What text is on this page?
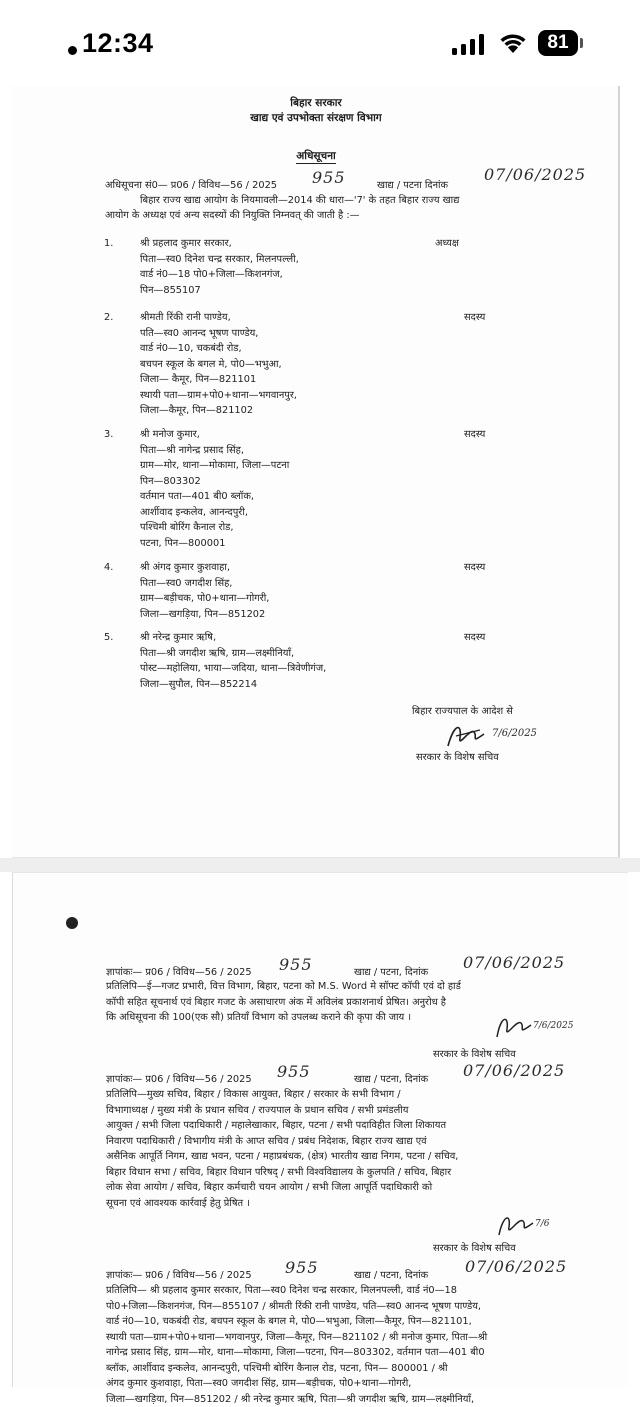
12:34	81
बिहार सरकार
खाद्य एवं उपभोक्ता संरक्षण विभाग
अधिसूचना
अधिसूचना सं0— प्र06 / विविध—56 / 2025 955	खाद्य / पटना दिनांक
07/06/2025
बिहार राज्य खाद्य आयोग के नियमावली—2014 की धारा—'7' के तहत बिहार राज्य खाद्य
आयोग के अध्यक्ष एवं अन्य सदस्यों की नियुक्ति निम्नवत् की जाती है :—
1.	अध्यक्ष
श्री प्रहलाद कुमार सरकार,
पिता—स्व0 दिनेश चन्द्र सरकार, मिलनपल्ली,
वार्ड नं0—18 पो0+जिला—किशनगंज,
पिन—855107
2.	सदस्य
श्रीमती रिंकी रानी पाण्डेय,
पति—स्व0 आनन्द भूषण पाण्डेय,
वार्ड नं0—10, चकबंदी रोड,
बचपन स्कूल के बगल मे, पो0—भभुआ,
जिला— कैमूर, पिन—821101
स्थायी पता—ग्राम+पो0+थाना—भगवानपुर,
जिला—कैमूर, पिन—821102
3.	सदस्य
श्री मनोज कुमार,
पिता—श्री नागेन्द्र प्रसाद सिंह,
ग्राम—मोर, थाना—मोकामा, जिला—पटना
पिन—803302
वर्तमान पता—401 बी0 ब्लॉक,
आर्शीवाद इन्कलेव, आनन्दपुरी,
पश्चिमी बोरिंग कैनाल रोड,
पटना, पिन—800001
4.	सदस्य
श्री अंगद कुमार कुशवाहा,
पिता—स्व0 जगदीश सिंह,
ग्राम—बड़ीचक, पो0+थाना—गोगरी,
जिला—खगड़िया, पिन—851202
5.	सदस्य
श्री नरेन्द्र कुमार ऋषि,
पिता—श्री जगदीश ऋषि, ग्राम—लक्ष्मीनियाँ,
पोस्ट—महोलिया, भाया—जदिया, थाना—त्रिवेणीगंज,
जिला—सुपौल, पिन—852214
बिहार राज्यपाल के आदेश से
7/6/2025
सरकार के विशेष सचिव
ज्ञापांकः— प्र06 / विविध—56 / 2025 955	खाद्य / पटना, दिनांक
07/06/2025
प्रतिलिपि—ई—गजट प्रभारी, वित्त विभाग, बिहार, पटना को M.S. Word मे सॉफ्ट कॉपी एवं दो हार्ड
कॉपी सहित सूचनार्थ एवं बिहार गजट के असाधारण अंक में अविलंब प्रकाशनार्थ प्रेषित। अनुरोध है
कि अधिसूचना की 100(एक सौ) प्रतियाँ विभाग को उपलब्ध कराने की कृपा की जाय ।
7/6/2025
सरकार के विशेष सचिव
ज्ञापांकः— प्र06 / विविध—56 / 2025 955	खाद्य / पटना, दिनांक 07/06/2025
प्रतिलिपि—मुख्य सचिव, बिहार / विकास आयुक्त, बिहार / सरकार के सभी विभाग /
विभागाध्यक्ष / मुख्य मंत्री के प्रधान सचिव / राज्यपाल के प्रधान सचिव / सभी प्रमंडलीय
आयुक्त / सभी जिला पदाधिकारी / महालेखाकार, बिहार, पटना / सभी पदाविहीत जिला शिकायत
निवारण पदाधिकारी / विभागीय मंत्री के आप्त सचिव / प्रबंध निदेशक, बिहार राज्य खाद्य एवं
असैनिक आपूर्ति निगम, खाद्य भवन, पटना / महाप्रबंधक, (क्षेत्र) भारतीय खाद्य निगम, पटना / सचिव,
बिहार विधान सभा / सचिव, बिहार विधान परिषद् / सभी विश्वविद्यालय के कुलपति / सचिव, बिहार
लोक सेवा आयोग / सचिव, बिहार कर्मचारी चयन आयोग / सभी जिला आपूर्ति पदाधिकारी को
सूचना एवं आवश्यक कार्रवाई हेतु प्रेषित ।
7/6
सरकार के विशेष सचिव
ज्ञापांकः— प्र06 / विविध—56 / 2025 955	खाद्य / पटना, दिनांक 07/06/2025
प्रतिलिपि— श्री प्रहलाद कुमार सरकार, पिता—स्व0 दिनेश चन्द्र सरकार, मिलनपल्ली, वार्ड नं0—18
पो0+जिला—किशनगंज, पिन—855107 / श्रीमती रिंकी रानी पाण्डेय, पति—स्व0 आनन्द भूषण पाण्डेय,
वार्ड नं0—10, चकबंदी रोड, बचपन स्कूल के बगल मे, पो0—भभुआ, जिला—कैमूर, पिन—821101,
स्थायी पता—ग्राम+पो0+थाना—भगवानपुर, जिला—कैमूर, पिन—821102 / श्री मनोज कुमार, पिता—श्री
नागेन्द्र प्रसाद सिंह, ग्राम—मोर, थाना—मोकामा, जिला—पटना, पिन—803302, वर्तमान पता—401 बी0
ब्लॉक, आर्शीवाद इन्कलेव, आनन्दपुरी, पश्चिमी बोरिंग कैनाल रोड, पटना, पिन— 800001 / श्री
अंगद कुमार कुशवाहा, पिता—स्व0 जगदीश सिंह, ग्राम—बड़ीचक, पो0+थाना—गोगरी,
जिला—खगड़िया, पिन—851202 / श्री नरेन्द्र कुमार ऋषि, पिता—श्री जगदीश ऋषि, ग्राम—लक्ष्मीनियाँ,
